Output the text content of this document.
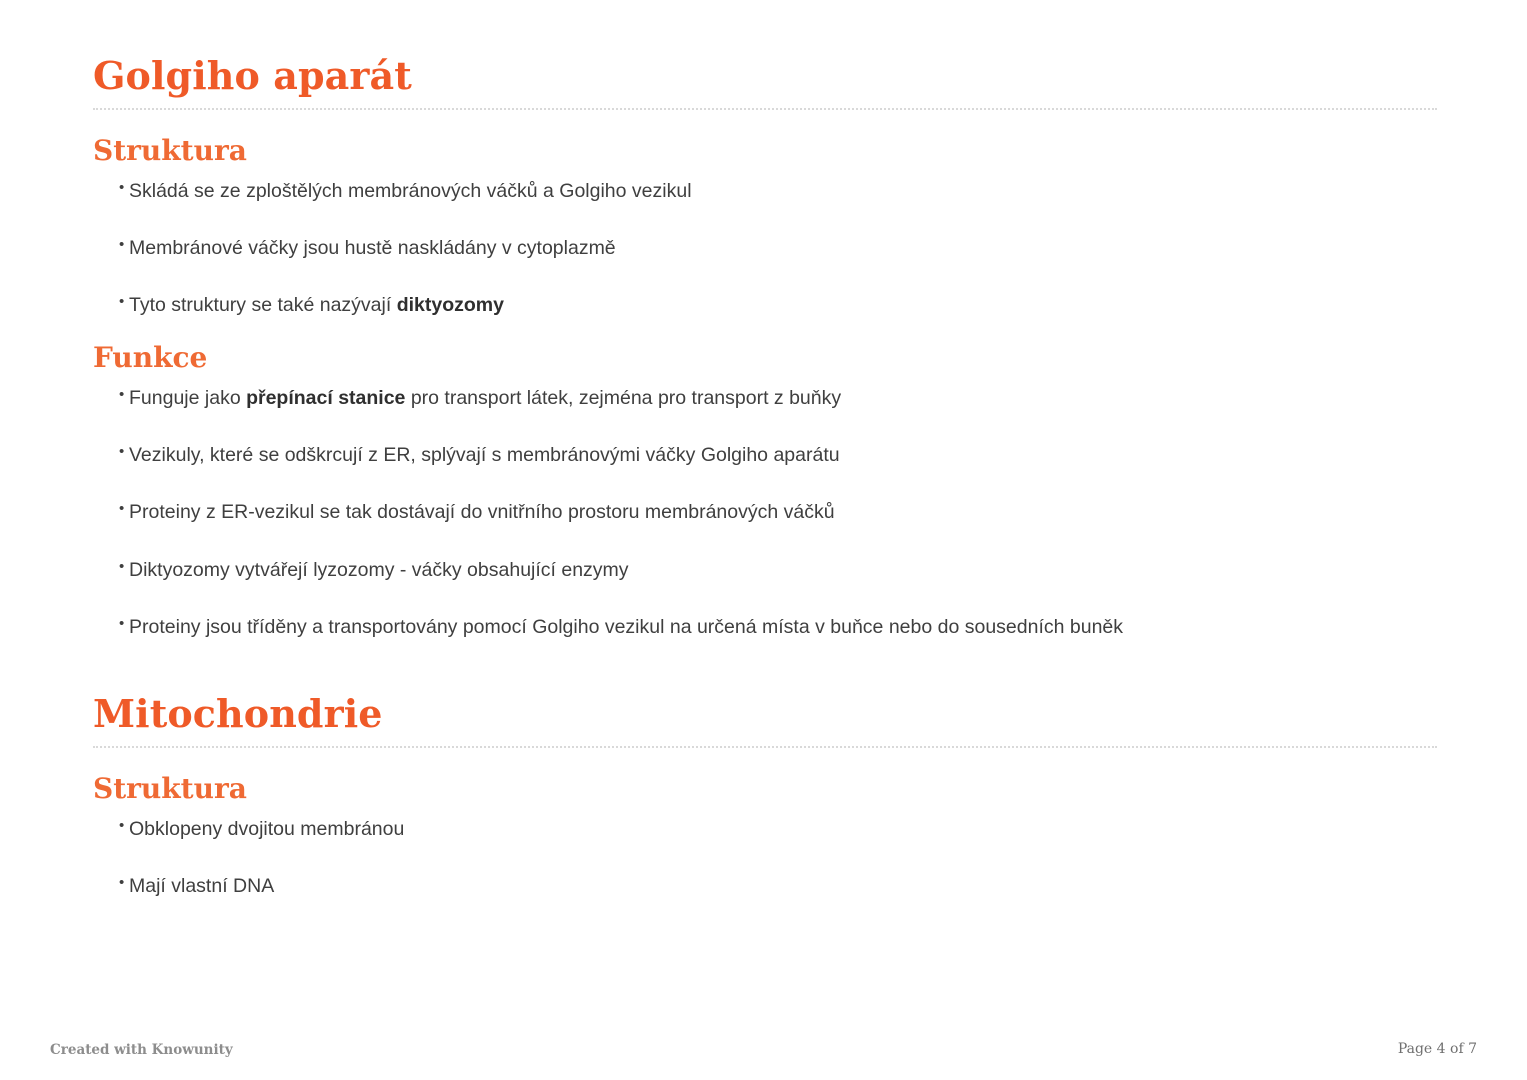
Golgiho aparát
Struktura
• Skládá se ze zploštělých membránových váčků a Golgiho vezikul
• Membránové váčky jsou hustě naskládány v cytoplazmě
• Tyto struktury se také nazývají diktyozomy
Funkce
• Funguje jako přepínací stanice pro transport látek, zejména pro transport z buňky
• Vezikuly, které se odškrcují z ER, splývají s membránovými váčky Golgiho aparátu
• Proteiny z ER-vezikul se tak dostávají do vnitřního prostoru membránových váčků
• Diktyozomy vytvářejí lyzozomy - váčky obsahující enzymy
• Proteiny jsou tříděny a transportovány pomocí Golgiho vezikul na určená místa v buňce nebo do sousedních buněk
Mitochondrie
Struktura
• Obklopeny dvojitou membránou
• Mají vlastní DNA
Created with Knowunity	Page 4 of 7
